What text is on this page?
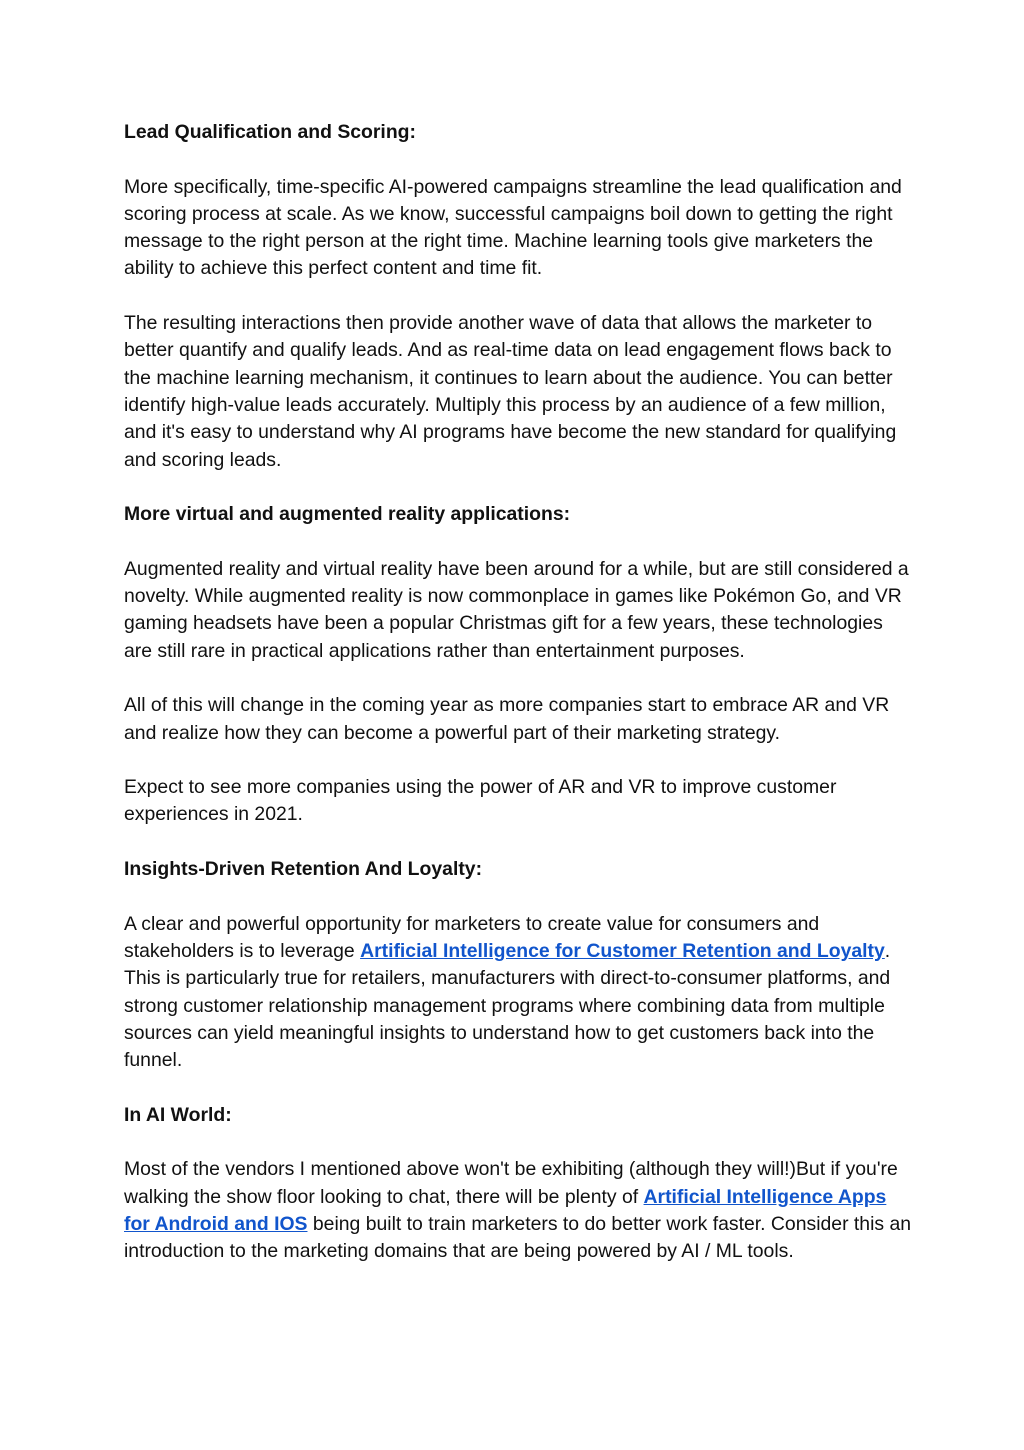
Lead Qualification and Scoring:

More specifically, time-specific AI-powered campaigns streamline the lead qualification and scoring process at scale. As we know, successful campaigns boil down to getting the right message to the right person at the right time. Machine learning tools give marketers the ability to achieve this perfect content and time fit.

The resulting interactions then provide another wave of data that allows the marketer to better quantify and qualify leads. And as real-time data on lead engagement flows back to the machine learning mechanism, it continues to learn about the audience. You can better identify high-value leads accurately. Multiply this process by an audience of a few million, and it's easy to understand why AI programs have become the new standard for qualifying and scoring leads.

More virtual and augmented reality applications:

Augmented reality and virtual reality have been around for a while, but are still considered a novelty. While augmented reality is now commonplace in games like Pokémon Go, and VR gaming headsets have been a popular Christmas gift for a few years, these technologies are still rare in practical applications rather than entertainment purposes.

All of this will change in the coming year as more companies start to embrace AR and VR and realize how they can become a powerful part of their marketing strategy.

Expect to see more companies using the power of AR and VR to improve customer experiences in 2021.

Insights-Driven Retention And Loyalty:

A clear and powerful opportunity for marketers to create value for consumers and stakeholders is to leverage Artificial Intelligence for Customer Retention and Loyalty. This is particularly true for retailers, manufacturers with direct-to-consumer platforms, and strong customer relationship management programs where combining data from multiple sources can yield meaningful insights to understand how to get customers back into the funnel.

In AI World:

Most of the vendors I mentioned above won't be exhibiting (although they will!)But if you're walking the show floor looking to chat, there will be plenty of Artificial Intelligence Apps for Android and IOS being built to train marketers to do better work faster. Consider this an introduction to the marketing domains that are being powered by AI / ML tools.
